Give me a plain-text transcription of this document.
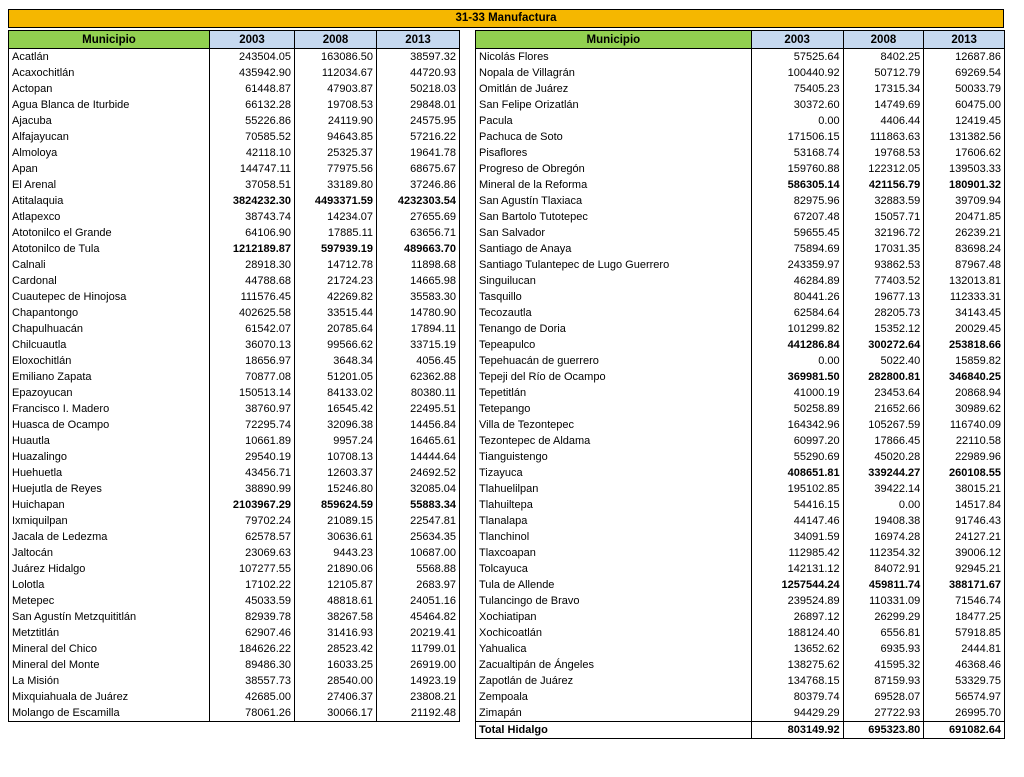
31-33 Manufactura
Municipio	2003	2008	2013
Acatlán	243504.05	163086.50	38597.32
Acaxochitlán	435942.90	112034.67	44720.93
Actopan	61448.87	47903.87	50218.03
Agua Blanca de Iturbide	66132.28	19708.53	29848.01
Ajacuba	55226.86	24119.90	24575.95
Alfajayucan	70585.52	94643.85	57216.22
Almoloya	42118.10	25325.37	19641.78
Apan	144747.11	77975.56	68675.67
El Arenal	37058.51	33189.80	37246.86
Atitalaquia	3824232.30	4493371.59	4232303.54
Atlapexco	38743.74	14234.07	27655.69
Atotonilco el Grande	64106.90	17885.11	63656.71
Atotonilco de Tula	1212189.87	597939.19	489663.70
Calnali	28918.30	14712.78	11898.68
Cardonal	44788.68	21724.23	14665.98
Cuautepec de Hinojosa	111576.45	42269.82	35583.30
Chapantongo	402625.58	33515.44	14780.90
Chapulhuacán	61542.07	20785.64	17894.11
Chilcuautla	36070.13	99566.62	33715.19
Eloxochitlán	18656.97	3648.34	4056.45
Emiliano Zapata	70877.08	51201.05	62362.88
Epazoyucan	150513.14	84133.02	80380.11
Francisco I. Madero	38760.97	16545.42	22495.51
Huasca de Ocampo	72295.74	32096.38	14456.84
Huautla	10661.89	9957.24	16465.61
Huazalingo	29540.19	10708.13	14444.64
Huehuetla	43456.71	12603.37	24692.52
Huejutla de Reyes	38890.99	15246.80	32085.04
Huichapan	2103967.29	859624.59	55883.34
Ixmiquilpan	79702.24	21089.15	22547.81
Jacala de Ledezma	62578.57	30636.61	25634.35
Jaltocán	23069.63	9443.23	10687.00
Juárez Hidalgo	107277.55	21890.06	5568.88
Lolotla	17102.22	12105.87	2683.97
Metepec	45033.59	48818.61	24051.16
San Agustín Metzquititlán	82939.78	38267.58	45464.82
Metztitlán	62907.46	31416.93	20219.41
Mineral del Chico	184626.22	28523.42	11799.01
Mineral del Monte	89486.30	16033.25	26919.00
La Misión	38557.73	28540.00	14923.19
Mixquiahuala de Juárez	42685.00	27406.37	23808.21
Molango de Escamilla	78061.26	30066.17	21192.48
Municipio	2003	2008	2013
Nicolás Flores	57525.64	8402.25	12687.86
Nopala de Villagrán	100440.92	50712.79	69269.54
Omitlán de Juárez	75405.23	17315.34	50033.79
San Felipe Orizatlán	30372.60	14749.69	60475.00
Pacula	0.00	4406.44	12419.45
Pachuca de Soto	171506.15	111863.63	131382.56
Pisaflores	53168.74	19768.53	17606.62
Progreso de Obregón	159760.88	122312.05	139503.33
Mineral de la Reforma	586305.14	421156.79	180901.32
San Agustín Tlaxiaca	82975.96	32883.59	39709.94
San Bartolo Tutotepec	67207.48	15057.71	20471.85
San Salvador	59655.45	32196.72	26239.21
Santiago de Anaya	75894.69	17031.35	83698.24
Santiago Tulantepec de Lugo Guerrero	243359.97	93862.53	87967.48
Singuilucan	46284.89	77403.52	132013.81
Tasquillo	80441.26	19677.13	112333.31
Tecozautla	62584.64	28205.73	34143.45
Tenango de Doria	101299.82	15352.12	20029.45
Tepeapulco	441286.84	300272.64	253818.66
Tepehuacán de guerrero	0.00	5022.40	15859.82
Tepeji del Río de Ocampo	369981.50	282800.81	346840.25
Tepetitlán	41000.19	23453.64	20868.94
Tetepango	50258.89	21652.66	30989.62
Villa de Tezontepec	164342.96	105267.59	116740.09
Tezontepec de Aldama	60997.20	17866.45	22110.58
Tianguistengo	55290.69	45020.28	22989.96
Tizayuca	408651.81	339244.27	260108.55
Tlahuelilpan	195102.85	39422.14	38015.21
Tlahuiltepa	54416.15	0.00	14517.84
Tlanalapa	44147.46	19408.38	91746.43
Tlanchinol	34091.59	16974.28	24127.21
Tlaxcoapan	112985.42	112354.32	39006.12
Tolcayuca	142131.12	84072.91	92945.21
Tula de Allende	1257544.24	459811.74	388171.67
Tulancingo de Bravo	239524.89	110331.09	71546.74
Xochiatipan	26897.12	26299.29	18477.25
Xochicoatlán	188124.40	6556.81	57918.85
Yahualica	13652.62	6935.93	2444.81
Zacualtipán de Ángeles	138275.62	41595.32	46368.46
Zapotlán de Juárez	134768.15	87159.93	53329.75
Zempoala	80379.74	69528.07	56574.97
Zimapán	94429.29	27722.93	26995.70
Total Hidalgo	803149.92	695323.80	691082.64
